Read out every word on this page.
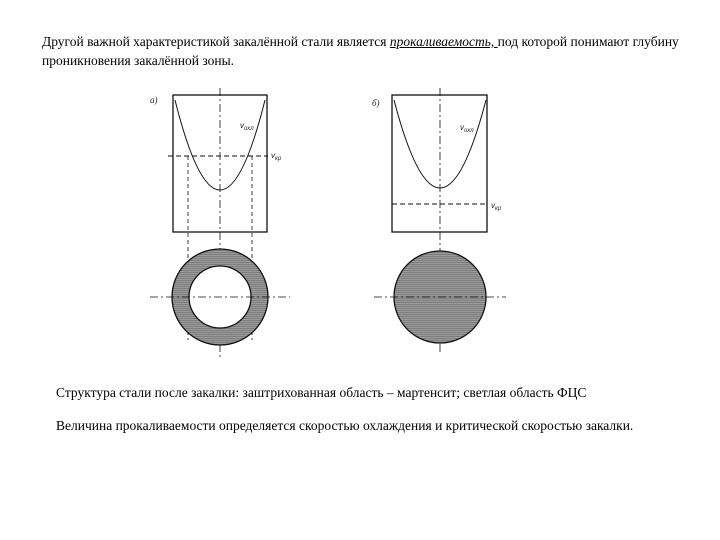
Другой важной характеристикой закалённой стали является прокаливаемость, под которой понимают глубину проникновения закалённой зоны.

а)
$v_{охл}$
$v_{кр}$
б)
$v_{охл}$
$v_{кр}$

Структура стали после закалки: заштрихованная область – мартенсит; светлая область ФЦС

Величина прокаливаемости определяется скоростью охлаждения и критической скоростью закалки.
